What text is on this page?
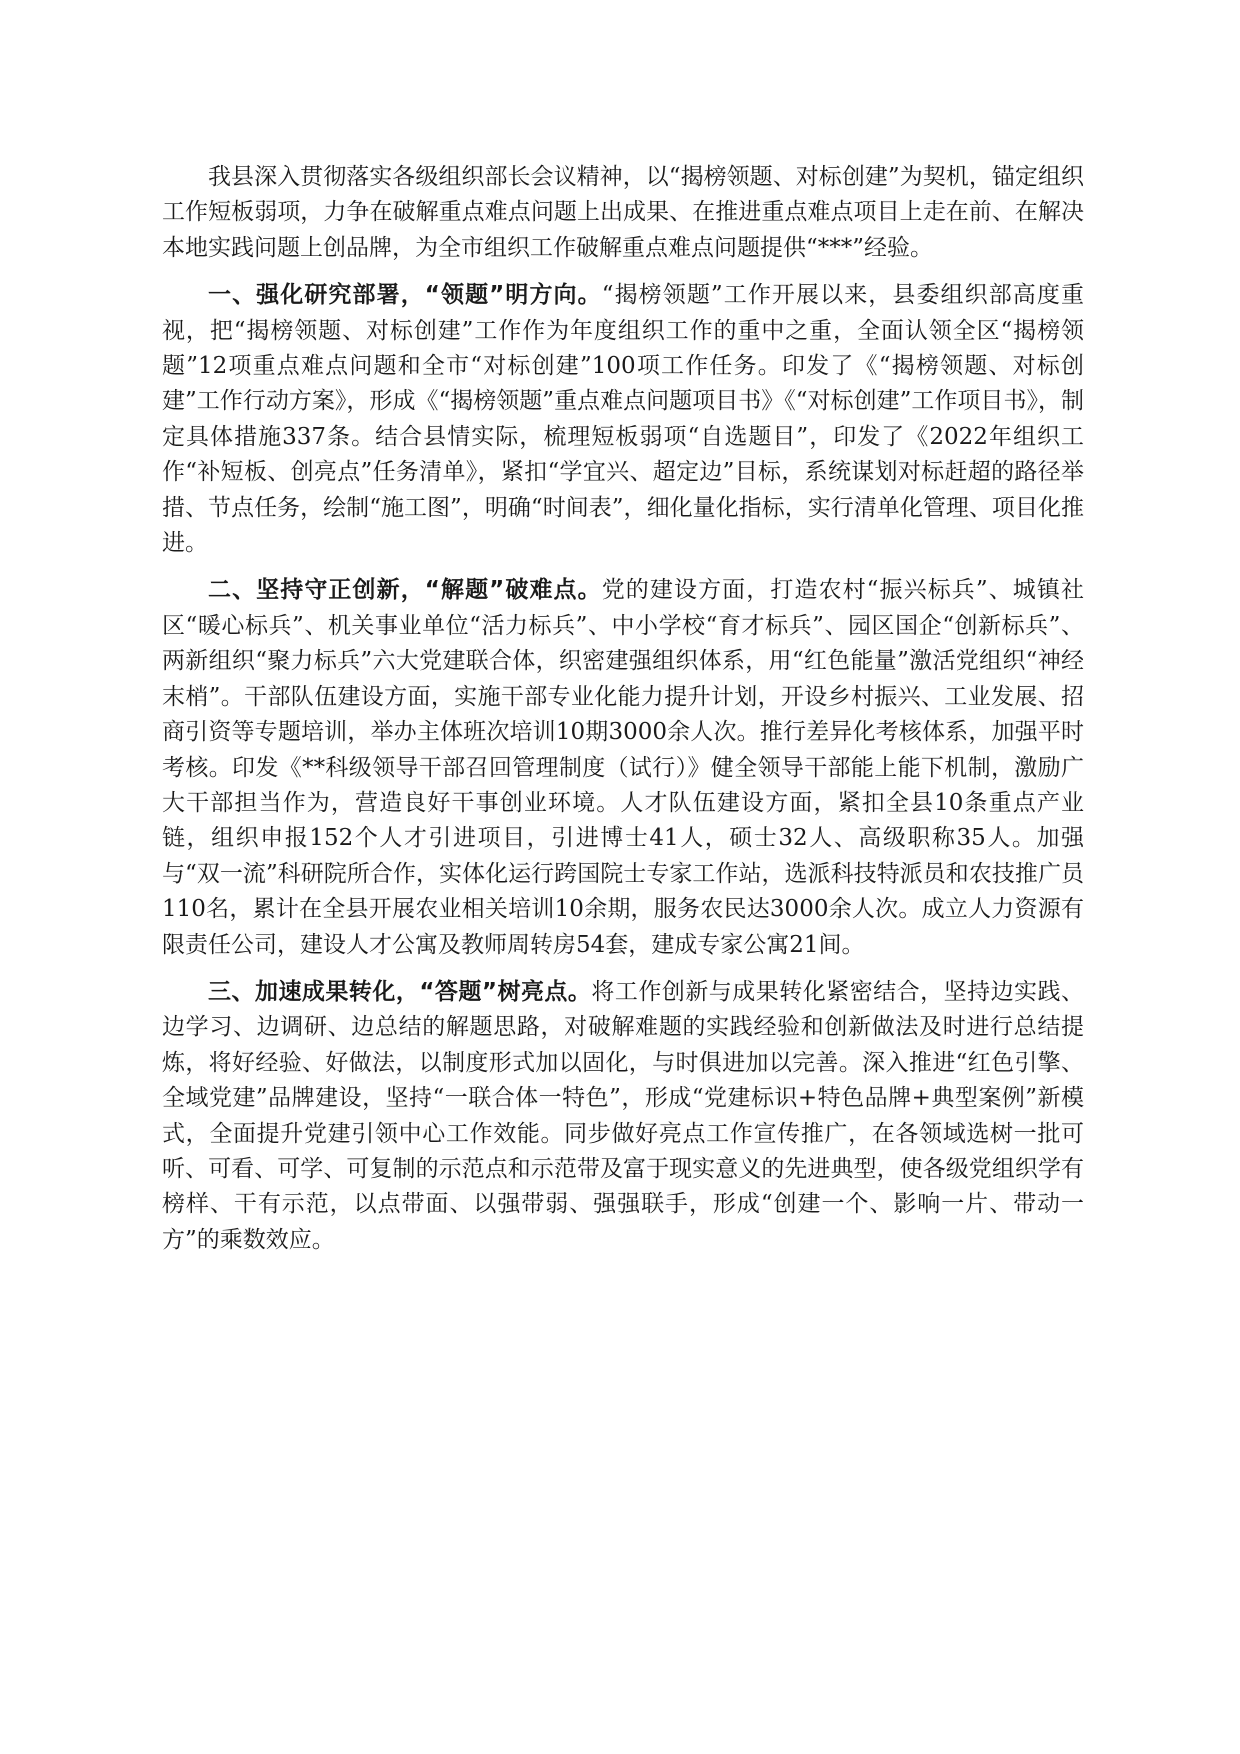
我县深入贯彻落实各级组织部长会议精神，以“揭榜领题、对标创建”为契机，锚定组织工作短板弱项，力争在破解重点难点问题上出成果、在推进重点难点项目上走在前、在解决本地实践问题上创品牌，为全市组织工作破解重点难点问题提供“***”经验。

一、强化研究部署，“领题”明方向。“揭榜领题”工作开展以来，县委组织部高度重视，把“揭榜领题、对标创建”工作作为年度组织工作的重中之重，全面认领全区“揭榜领题”12项重点难点问题和全市“对标创建”100项工作任务。印发了《“揭榜领题、对标创建”工作行动方案》，形成《“揭榜领题”重点难点问题项目书》《“对标创建”工作项目书》，制定具体措施337条。结合县情实际，梳理短板弱项“自选题目”，印发了《2022年组织工作“补短板、创亮点”任务清单》，紧扣“学宜兴、超定边”目标，系统谋划对标赶超的路径举措、节点任务，绘制“施工图”，明确“时间表”，细化量化指标，实行清单化管理、项目化推进。

二、坚持守正创新，“解题”破难点。党的建设方面，打造农村“振兴标兵”、城镇社区“暖心标兵”、机关事业单位“活力标兵”、中小学校“育才标兵”、园区国企“创新标兵”、两新组织“聚力标兵”六大党建联合体，织密建强组织体系，用“红色能量”激活党组织“神经末梢”。干部队伍建设方面，实施干部专业化能力提升计划，开设乡村振兴、工业发展、招商引资等专题培训，举办主体班次培训10期3000余人次。推行差异化考核体系，加强平时考核。印发《**科级领导干部召回管理制度（试行）》健全领导干部能上能下机制，激励广大干部担当作为，营造良好干事创业环境。人才队伍建设方面，紧扣全县10条重点产业链，组织申报152个人才引进项目，引进博士41人，硕士32人、高级职称35人。加强与“双一流”科研院所合作，实体化运行跨国院士专家工作站，选派科技特派员和农技推广员110名，累计在全县开展农业相关培训10余期，服务农民达3000余人次。成立人力资源有限责任公司，建设人才公寓及教师周转房54套，建成专家公寓21间。

三、加速成果转化，“答题”树亮点。将工作创新与成果转化紧密结合，坚持边实践、边学习、边调研、边总结的解题思路，对破解难题的实践经验和创新做法及时进行总结提炼，将好经验、好做法，以制度形式加以固化，与时俱进加以完善。深入推进“红色引擎、全域党建”品牌建设，坚持“一联合体一特色”，形成“党建标识+特色品牌+典型案例”新模式，全面提升党建引领中心工作效能。同步做好亮点工作宣传推广，在各领域选树一批可听、可看、可学、可复制的示范点和示范带及富于现实意义的先进典型，使各级党组织学有榜样、干有示范，以点带面、以强带弱、强强联手，形成“创建一个、影响一片、带动一方”的乘数效应。
